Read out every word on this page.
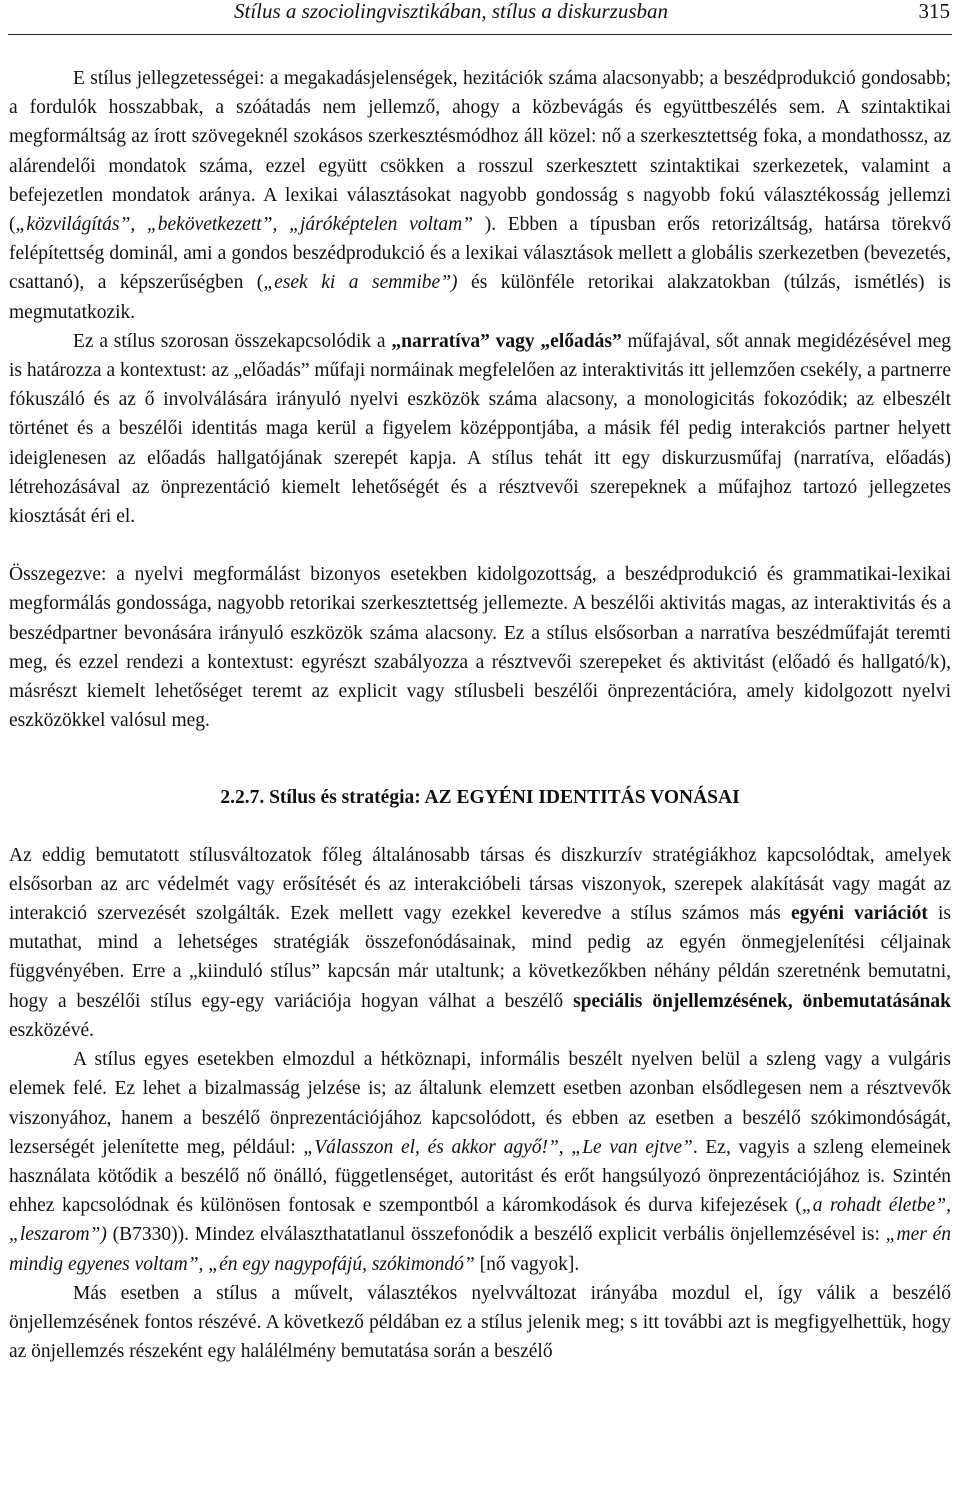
Stílus a szociolingvisztikában, stílus a diskurzusban	315

E stílus jellegzetességei: a megakadásjelenségek, hezitációk száma alacsonyabb; a beszédprodukció gondosabb; a fordulók hosszabbak, a szóátadás nem jellemző, ahogy a közbevágás és együttbeszélés sem. A szintaktikai megformáltság az írott szövegeknél szokásos szerkesztésmódhoz áll közel: nő a szerkesztettség foka, a mondathossz, az alárendelői mondatok száma, ezzel együtt csökken a rosszul szerkesztett szintaktikai szerkezetek, valamint a befejezetlen mondatok aránya. A lexikai választásokat nagyobb gondosság s nagyobb fokú választékosság jellemzi („közvilágítás”, „bekövetkezett”, „járóképtelen voltam” ). Ebben a típusban erős retorizáltság, határsa törekvő felépítettség dominál, ami a gondos beszédprodukció és a lexikai választások mellett a globális szerkezetben (bevezetés, csattanó), a képszerűségben („esek ki a semmibe”) és különféle retorikai alakzatokban (túlzás, ismétlés) is megmutatkozik.

Ez a stílus szorosan összekapcsolódik a „narratíva” vagy „előadás” műfajával, sőt annak megidézésével meg is határozza a kontextust: az „előadás” műfaji normáinak megfelelően az interaktivitás itt jellemzően csekély, a partnerre fókuszáló és az ő involválására irányuló nyelvi eszközök száma alacsony, a monologicitás fokozódik; az elbeszélt történet és a beszélői identitás maga kerül a figyelem középpontjába, a másik fél pedig interakciós partner helyett ideiglenesen az előadás hallgatójának szerepét kapja. A stílus tehát itt egy diskurzusműfaj (narratíva, előadás) létrehozásával az önprezentáció kiemelt lehetőségét és a résztvevői szerepeknek a műfajhoz tartozó jellegzetes kiosztását éri el.

Összegezve: a nyelvi megformálást bizonyos esetekben kidolgozottság, a beszédprodukció és grammatikai-lexikai megformálás gondossága, nagyobb retorikai szerkesztettség jellemezte. A beszélői aktivitás magas, az interaktivitás és a beszédpartner bevonására irányuló eszközök száma alacsony. Ez a stílus elsősorban a narratíva beszédműfaját teremti meg, és ezzel rendezi a kontextust: egyrészt szabályozza a résztvevői szerepeket és aktivitást (előadó és hallgató/k), másrészt kiemelt lehetőséget teremt az explicit vagy stílusbeli beszélői önprezentációra, amely kidolgozott nyelvi eszközökkel valósul meg.

2.2.7. Stílus és stratégia: AZ EGYÉNI IDENTITÁS VONÁSAI

Az eddig bemutatott stílusváltozatok főleg általánosabb társas és diszkurzív stratégiákhoz kapcsolódtak, amelyek elsősorban az arc védelmét vagy erősítését és az interakcióbeli társas viszonyok, szerepek alakítását vagy magát az interakció szervezését szolgálták. Ezek mellett vagy ezekkel keveredve a stílus számos más egyéni variációt is mutathat, mind a lehetséges stratégiák összefonódásainak, mind pedig az egyén önmegjelenítési céljainak függvényében. Erre a „kiinduló stílus” kapcsán már utaltunk; a következőkben néhány példán szeretnénk bemutatni, hogy a beszélői stílus egy-egy variációja hogyan válhat a beszélő speciális önjellemzésének, önbemutatásának eszközévé.

A stílus egyes esetekben elmozdul a hétköznapi, informális beszélt nyelven belül a szleng vagy a vulgáris elemek felé. Ez lehet a bizalmasság jelzése is; az általunk elemzett esetben azonban elsődlegesen nem a résztvevők viszonyához, hanem a beszélő önprezentációjához kapcsolódott, és ebben az esetben a beszélő szókimondóságát, lezserségét jelenítette meg, például: „Válasszon el, és akkor agyő!”, „Le van ejtve”. Ez, vagyis a szleng elemeinek használata kötődik a beszélő nő önálló, függetlenséget, autoritást és erőt hangsúlyozó önprezentációjához is. Szintén ehhez kapcsolódnak és különösen fontosak e szempontból a káromkodások és durva kifejezések („a rohadt életbe”, „leszarom”) (B7330)). Mindez elválaszthatatlanul összefonódik a beszélő explicit verbális önjellemzésével is: „mer én mindig egyenes voltam”, „én egy nagypofájú, szókimondó” [nő vagyok].

Más esetben a stílus a művelt, választékos nyelvváltozat irányába mozdul el, így válik a beszélő önjellemzésének fontos részévé. A következő példában ez a stílus jelenik meg; s itt további azt is megfigyelhettük, hogy az önjellemzés részeként egy halálélmény bemutatása során a beszélő
